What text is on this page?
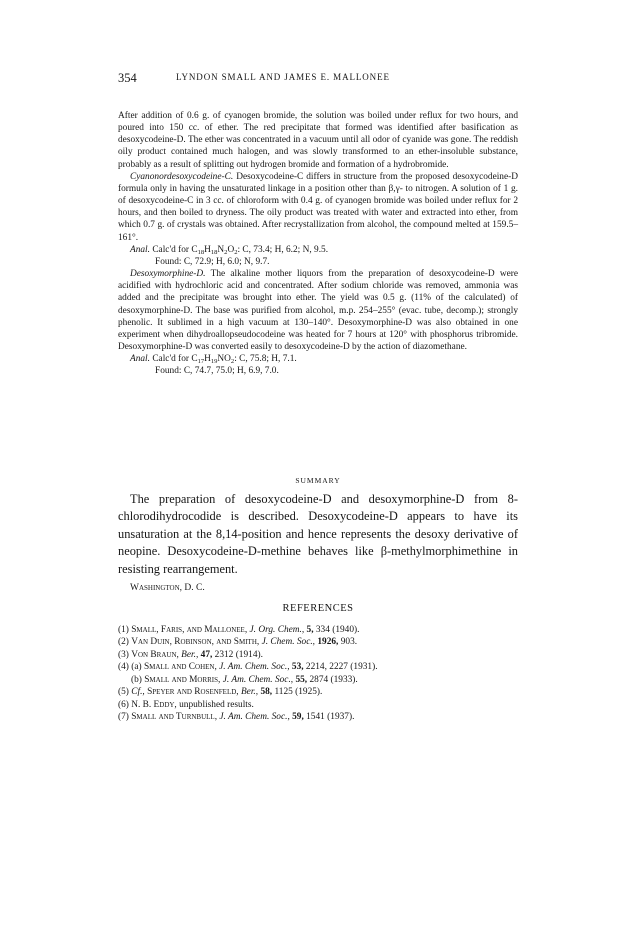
354	LYNDON SMALL AND JAMES E. MALLONEE

After addition of 0.6 g. of cyanogen bromide, the solution was boiled under reflux for two hours, and poured into 150 cc. of ether. The red precipitate that formed was identified after basification as desoxycodeine-D. The ether was concentrated in a vacuum until all odor of cyanide was gone. The reddish oily product contained much halogen, and was slowly transformed to an ether-insoluble substance, probably as a result of splitting out hydrogen bromide and formation of a hydrobromide.

Cyanonordesoxycodeine-C. Desoxycodeine-C differs in structure from the proposed desoxycodeine-D formula only in having the unsaturated linkage in a position other than β,γ- to nitrogen. A solution of 1 g. of desoxycodeine-C in 3 cc. of chloroform with 0.4 g. of cyanogen bromide was boiled under reflux for 2 hours, and then boiled to dryness. The oily product was treated with water and extracted into ether, from which 0.7 g. of crystals was obtained. After recrystallization from alcohol, the compound melted at 159.5–161°.

Anal. Calc'd for $C_{18}H_{18}N_2O_2$: C, 73.4; H, 6.2; N, 9.5.

Found: C, 72.9; H, 6.0; N, 9.7.

Desoxymorphine-D. The alkaline mother liquors from the preparation of desoxycodeine-D were acidified with hydrochloric acid and concentrated. After sodium chloride was removed, ammonia was added and the precipitate was brought into ether. The yield was 0.5 g. (11% of the calculated) of desoxymorphine-D. The base was purified from alcohol, m.p. 254–255° (evac. tube, decomp.); strongly phenolic. It sublimed in a high vacuum at 130–140°. Desoxymorphine-D was also obtained in one experiment when dihydroallopseudocodeine was heated for 7 hours at 120° with phosphorus tribromide. Desoxymorphine-D was converted easily to desoxycodeine-D by the action of diazomethane.

Anal. Calc'd for $C_{17}H_{19}NO_2$: C, 75.8; H, 7.1.

Found: C, 74.7, 75.0; H, 6.9, 7.0.

SUMMARY
The preparation of desoxycodeine-D and desoxymorphine-D from 8-chlorodihydrocodide is described. Desoxycodeine-D appears to have its unsaturation at the 8,14-position and hence represents the desoxy derivative of neopine. Desoxycodeine-D-methine behaves like β-methylmorphimethine in resisting rearrangement.
Washington, D. C.
REFERENCES
(1) Small, Faris, and Mallonee, J. Org. Chem., 5, 334 (1940).
(2) Van Duin, Robinson, and Smith, J. Chem. Soc., 1926, 903.
(3) Von Braun, Ber., 47, 2312 (1914).
(4) (a) Small and Cohen, J. Am. Chem. Soc., 53, 2214, 2227 (1931).
(b) Small and Morris, J. Am. Chem. Soc., 55, 2874 (1933).
(5) Cf., Speyer and Rosenfeld, Ber., 58, 1125 (1925).
(6) N. B. Eddy, unpublished results.
(7) Small and Turnbull, J. Am. Chem. Soc., 59, 1541 (1937).
